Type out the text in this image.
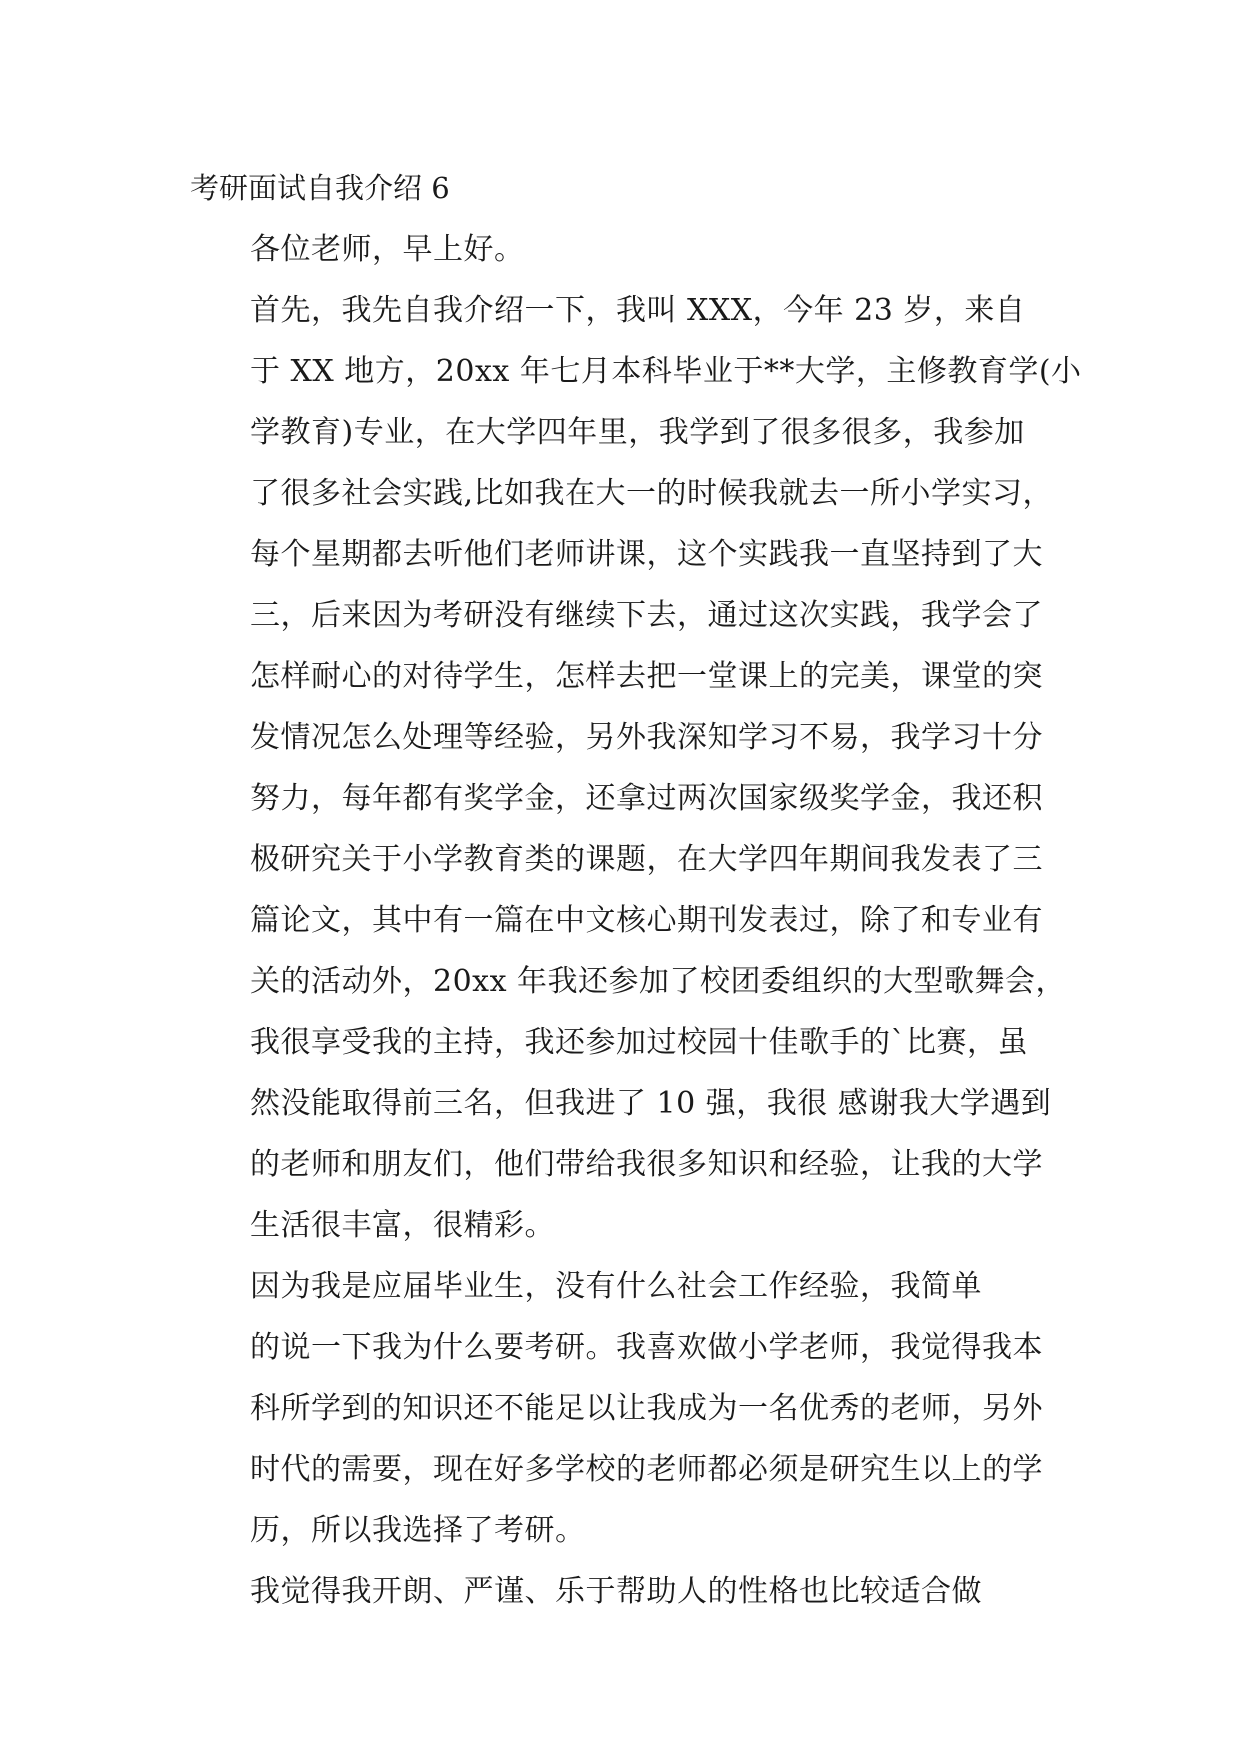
考研面试自我介绍 6

各位老师，早上好。

首先，我先自我介绍一下，我叫 XXX，今年 23 岁，来自
于 XX 地方，20xx 年七月本科毕业于**大学，主修教育学(小
学教育)专业，在大学四年里，我学到了很多很多，我参加
了很多社会实践,比如我在大一的时候我就去一所小学实习，
每个星期都去听他们老师讲课，这个实践我一直坚持到了大
三，后来因为考研没有继续下去，通过这次实践，我学会了
怎样耐心的对待学生，怎样去把一堂课上的完美，课堂的突
发情况怎么处理等经验，另外我深知学习不易，我学习十分
努力，每年都有奖学金，还拿过两次国家级奖学金，我还积
极研究关于小学教育类的课题，在大学四年期间我发表了三
篇论文，其中有一篇在中文核心期刊发表过，除了和专业有
关的活动外，20xx 年我还参加了校团委组织的大型歌舞会，
我很享受我的主持，我还参加过校园十佳歌手的`比赛，虽
然没能取得前三名，但我进了 10 强，我很 感谢我大学遇到
的老师和朋友们，他们带给我很多知识和经验，让我的大学
生活很丰富，很精彩。

因为我是应届毕业生，没有什么社会工作经验，我简单
的说一下我为什么要考研。我喜欢做小学老师，我觉得我本
科所学到的知识还不能足以让我成为一名优秀的老师，另外
时代的需要，现在好多学校的老师都必须是研究生以上的学
历，所以我选择了考研。

我觉得我开朗、严谨、乐于帮助人的性格也比较适合做
